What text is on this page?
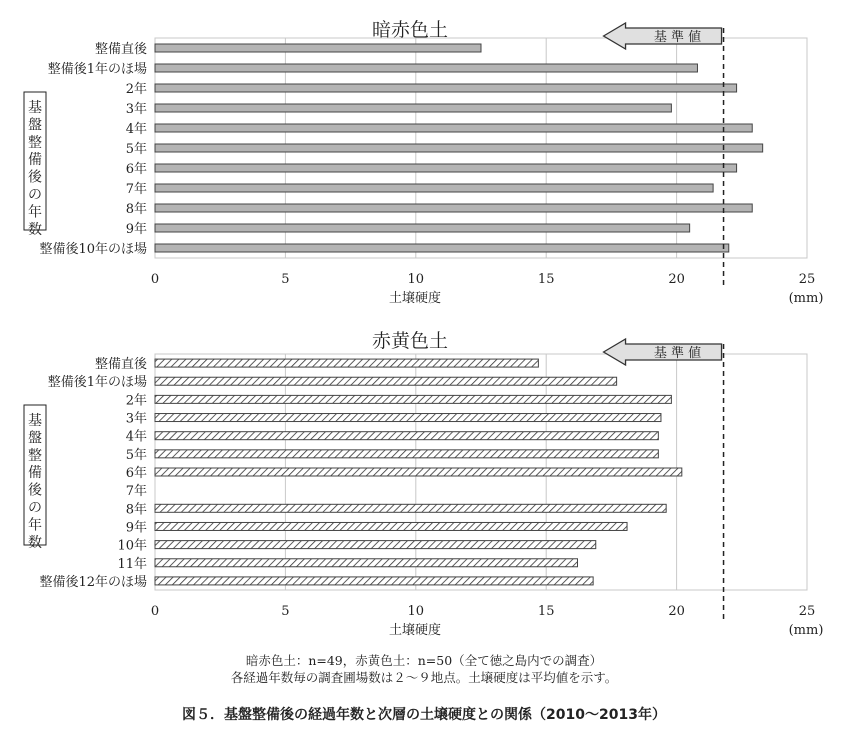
暗赤色土
整備直後
整備後1年のほ場
2年
3年
4年
5年
6年
7年
8年
9年
整備後10年のほ場
0	5	10	15	20	25
基 準 値
土壌硬度	(mm)
基
盤
整
備
後
の
年
数
赤黄色土
整備直後
整備後1年のほ場
2年
3年
4年
5年
6年
7年
8年
9年
10年
11年
整備後12年のほ場
0	5	10	15	20	25
基 準 値
土壌硬度	(mm)
基
盤
整
備
後
の
年
数
暗赤色土：n=49，赤黄色土：n=50（全て徳之島内での調査）
各経過年数毎の調査圃場数は２～９地点。土壌硬度は平均値を示す。
図５．基盤整備後の経過年数と次層の土壌硬度との関係（2010〜2013年）
